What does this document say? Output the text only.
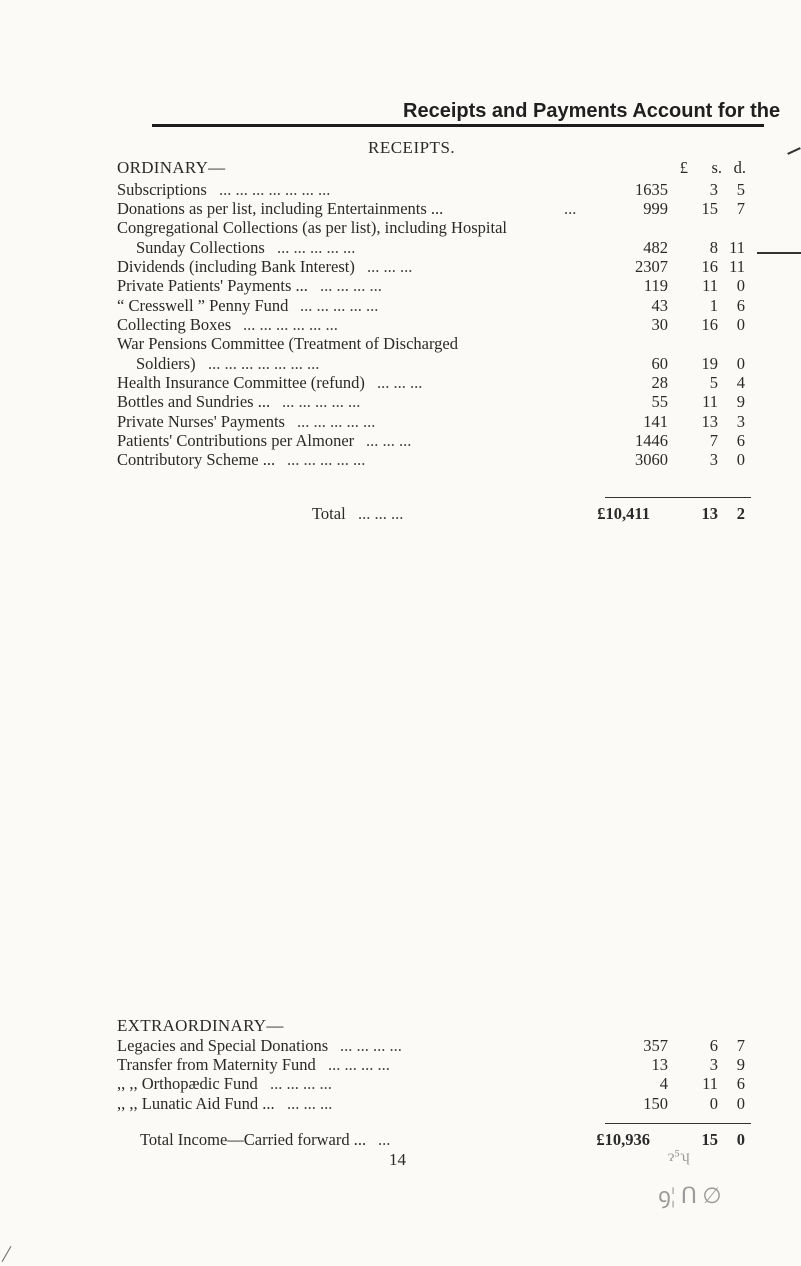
Receipts and Payments Account for the
RECEIPTS.
ORDINARY—	£	s. d.
Subscriptions ... ... ... ... ... ... ...	1635	3	5
Donations as per list, including Entertainments ...	...	999	15	7
Congregational Collections (as per list), including Hospital
Sunday Collections ... ... ... ... ...	482	8 11
Dividends (including Bank Interest) ... ... ...	2307	16 11
Private Patients' Payments ... ... ... ... ...	119	11	0
“ Cresswell ” Penny Fund ... ... ... ... ...	43	1	6
Collecting Boxes ... ... ... ... ... ...	30	16	0
War Pensions Committee (Treatment of Discharged
Soldiers) ... ... ... ... ... ... ...	60	19	0
Health Insurance Committee (refund) ... ... ...	28	5	4
Bottles and Sundries ... ... ... ... ... ...	55	11	9
Private Nurses' Payments ... ... ... ... ...	141	13	3
Patients' Contributions per Almoner ... ... ...	1446	7	6
Contributory Scheme ... ... ... ... ... ...	3060	3	0
Total ... ... ...	£10,411	13	2
EXTRAORDINARY—
Legacies and Special Donations ... ... ... ...	357	6	7
Transfer from Maternity Fund ... ... ... ...	13	3	9
,, ,, Orthopædic Fund ... ... ... ...	4	11	6
,, ,, Lunatic Aid Fund ... ... ... ...	150	0	0
Total Income—Carried forward ... ...	£10,936	15	0
14	ɂ⁵ʮ
ꝯ¦ ᑎ ∅
